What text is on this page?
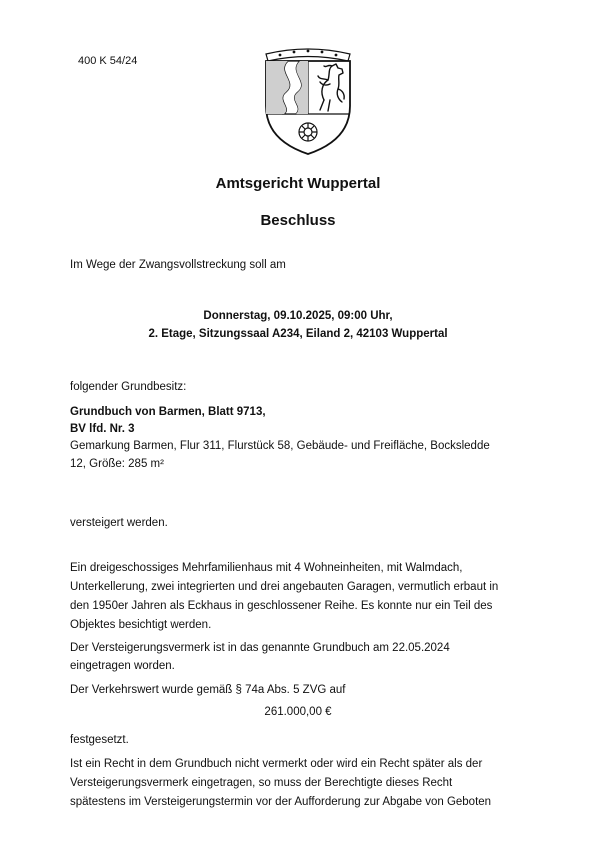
400 K 54/24

Amtsgericht Wuppertal

Beschluss

Im Wege der Zwangsvollstreckung soll am

Donnerstag, 09.10.2025, 09:00 Uhr,

2. Etage, Sitzungssaal A234, Eiland 2, 42103 Wuppertal

folgender Grundbesitz:

Grundbuch von Barmen, Blatt 9713,

BV lfd. Nr. 3

Gemarkung Barmen, Flur 311, Flurstück 58, Gebäude- und Freifläche, Bocksledde

12, Größe: 285 m²

versteigert werden.

Ein dreigeschossiges Mehrfamilienhaus mit 4 Wohneinheiten, mit Walmdach,

Unterkellerung, zwei integrierten und drei angebauten Garagen, vermutlich erbaut in

den 1950er Jahren als Eckhaus in geschlossener Reihe. Es konnte nur ein Teil des

Objektes besichtigt werden.

Der Versteigerungsvermerk ist in das genannte Grundbuch am 22.05.2024

eingetragen worden.

Der Verkehrswert wurde gemäß § 74a Abs. 5 ZVG auf

261.000,00 €

festgesetzt.

Ist ein Recht in dem Grundbuch nicht vermerkt oder wird ein Recht später als der

Versteigerungsvermerk eingetragen, so muss der Berechtigte dieses Recht

spätestens im Versteigerungstermin vor der Aufforderung zur Abgabe von Geboten
